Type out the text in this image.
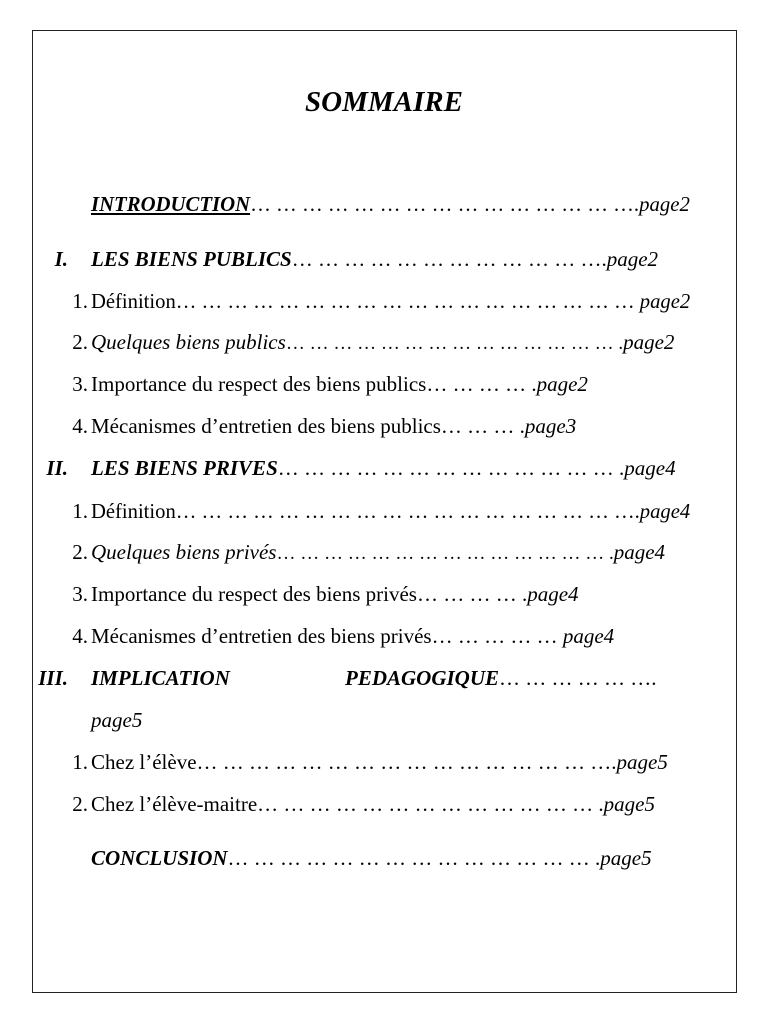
SOMMAIRE
INTRODUCTION… … … … … … … … … … … … … … ….page2
I. LES BIENS PUBLICS… … … … … … … … … … … ….page2
1. Définition… … … … … … … … … … … … … … … … … … page2
2. Quelques biens publics… … … … … … … … … … … … … … .page2
3. Importance du respect des biens publics… … … … .page2
4. Mécanismes d’entretien des biens publics… … … .page3
II. LES BIENS PRIVES… … … … … … … … … … … … … .page4
1. Définition… … … … … … … … … … … … … … … … … ….page4
2. Quelques biens privés… … … … … … … … … … … … … … .page4
3. Importance du respect des biens privés… … … … .page4
4. Mécanismes d’entretien des biens privés… … … … … page4
III. IMPLICATION	PEDAGOGIQUE… … … … … ….
page5
1. Chez l’élève… … … … … … … … … … … … … … … ….page5
2. Chez l’élève-maitre… … … … … … … … … … … … … .page5
CONCLUSION… … … … … … … … … … … … … … .page5
